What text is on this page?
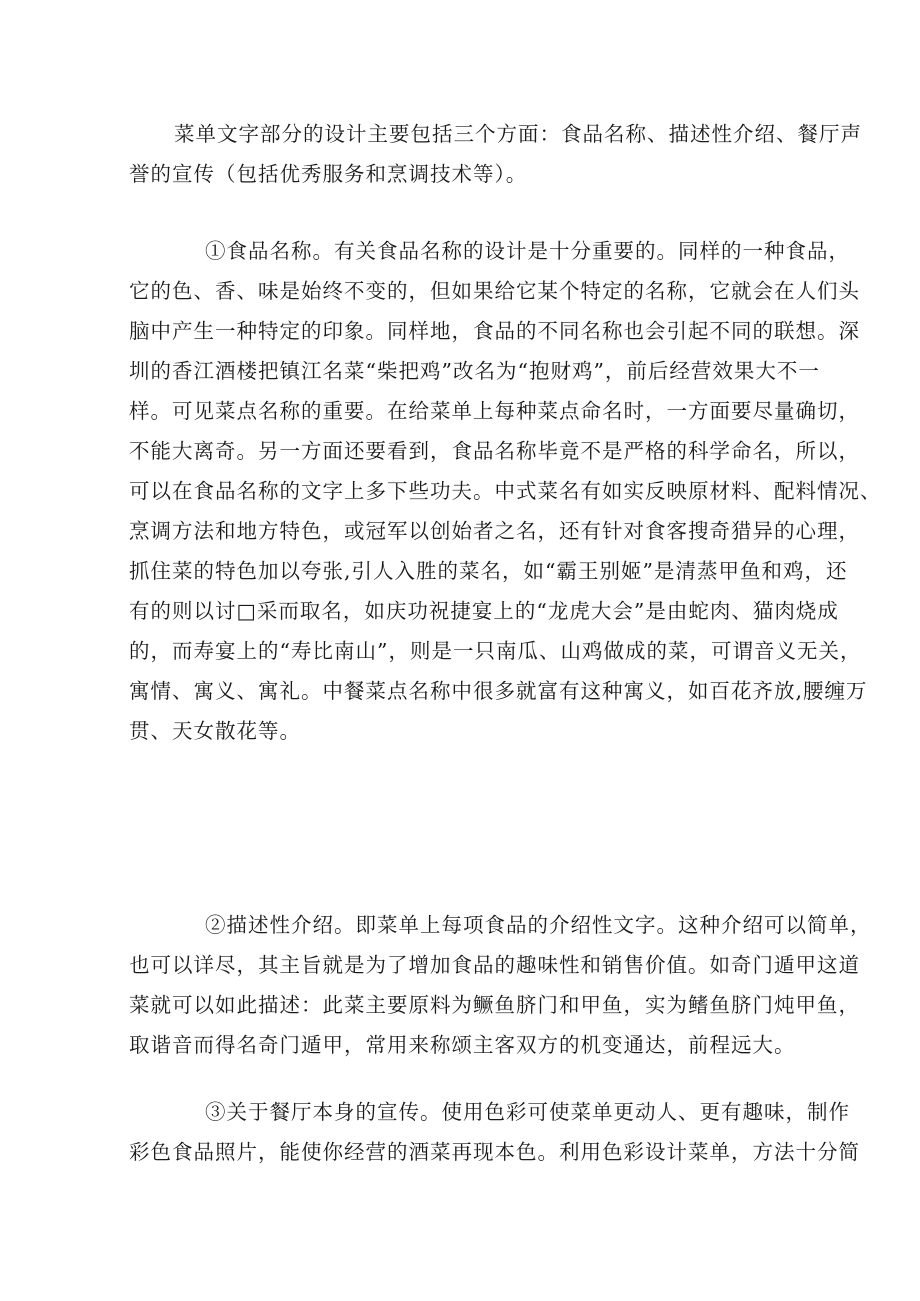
菜单文字部分的设计主要包括三个方面：食品名称、描述性介绍、餐厅声
誉的宣传（包括优秀服务和烹调技术等）。

①食品名称。有关食品名称的设计是十分重要的。同样的一种食品，
它的色、香、味是始终不变的，但如果给它某个特定的名称，它就会在人们头
脑中产生一种特定的印象。同样地，食品的不同名称也会引起不同的联想。深
圳的香江酒楼把镇江名菜“柴把鸡”改名为“抱财鸡”，前后经营效果大不一
样。可见菜点名称的重要。在给菜单上每种菜点命名时，一方面要尽量确切，
不能大离奇。另一方面还要看到，食品名称毕竟不是严格的科学命名，所以，
可以在食品名称的文字上多下些功夫。中式菜名有如实反映原材料、配料情况、
烹调方法和地方特色，或冠军以创始者之名，还有针对食客搜奇猎异的心理，
抓住菜的特色加以夸张,引人入胜的菜名，如“霸王别姬”是清蒸甲鱼和鸡，还
有的则以讨□采而取名，如庆功祝捷宴上的“龙虎大会”是由蛇肉、猫肉烧成
的，而寿宴上的“寿比南山”，则是一只南瓜、山鸡做成的菜，可谓音义无关，
寓情、寓义、寓礼。中餐菜点名称中很多就富有这种寓义，如百花齐放,腰缠万
贯、天女散花等。

②描述性介绍。即菜单上每项食品的介绍性文字。这种介绍可以简单，
也可以详尽，其主旨就是为了增加食品的趣味性和销售价值。如奇门遁甲这道
菜就可以如此描述：此菜主要原料为鳜鱼脐门和甲鱼，实为鳍鱼脐门炖甲鱼，
取谐音而得名奇门遁甲，常用来称颂主客双方的机变通达，前程远大。

③关于餐厅本身的宣传。使用色彩可使菜单更动人、更有趣味，制作
彩色食品照片，能使你经营的酒菜再现本色。利用色彩设计菜单，方法十分简
